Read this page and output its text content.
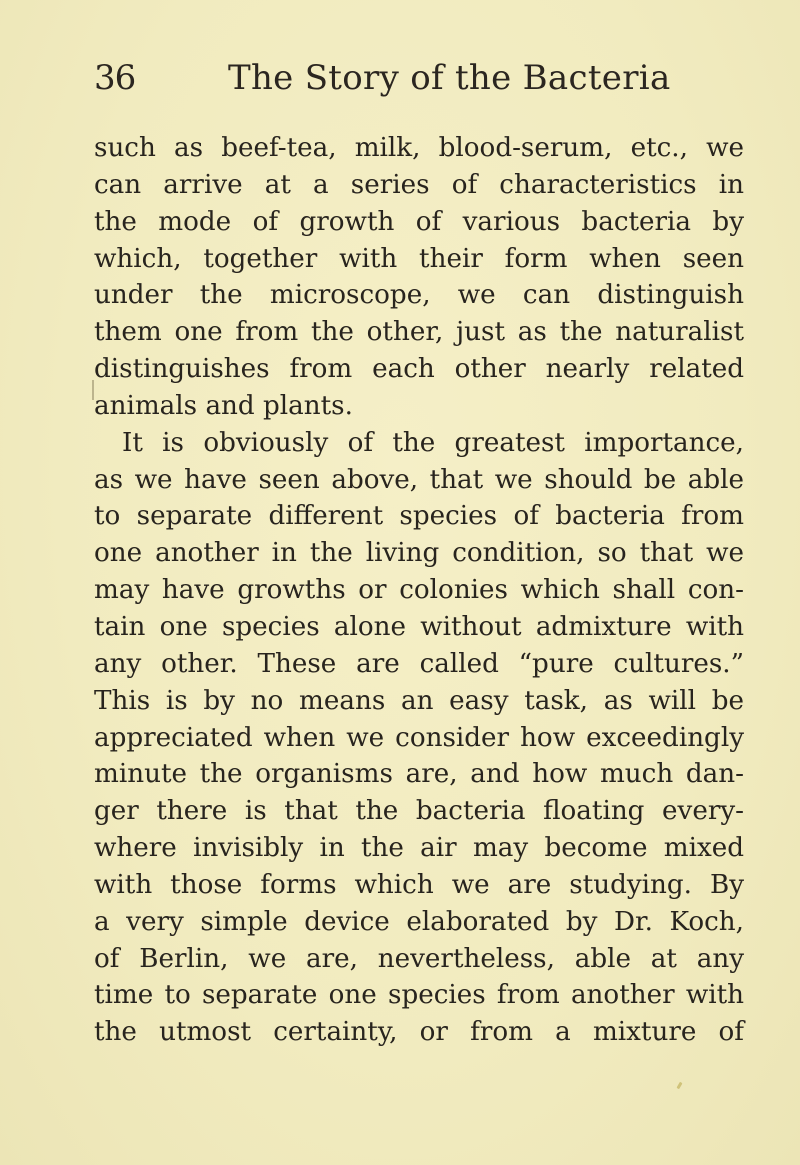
36	The Story of the Bacteria
such as beef-tea, milk, blood-serum, etc., we
can arrive at a series of characteristics in
the mode of growth of various bacteria by
which, together with their form when seen
under the microscope, we can distinguish
them one from the other, just as the naturalist
distinguishes from each other nearly related
animals and plants.
It is obviously of the greatest importance,
as we have seen above, that we should be able
to separate different species of bacteria from
one another in the living condition, so that we
may have growths or colonies which shall con-
tain one species alone without admixture with
any other. These are called “pure cultures.”
This is by no means an easy task, as will be
appreciated when we consider how exceedingly
minute the organisms are, and how much dan-
ger there is that the bacteria floating every-
where invisibly in the air may become mixed
with those forms which we are studying. By
a very simple device elaborated by Dr. Koch,
of Berlin, we are, nevertheless, able at any
time to separate one species from another with
the utmost certainty, or from a mixture of
